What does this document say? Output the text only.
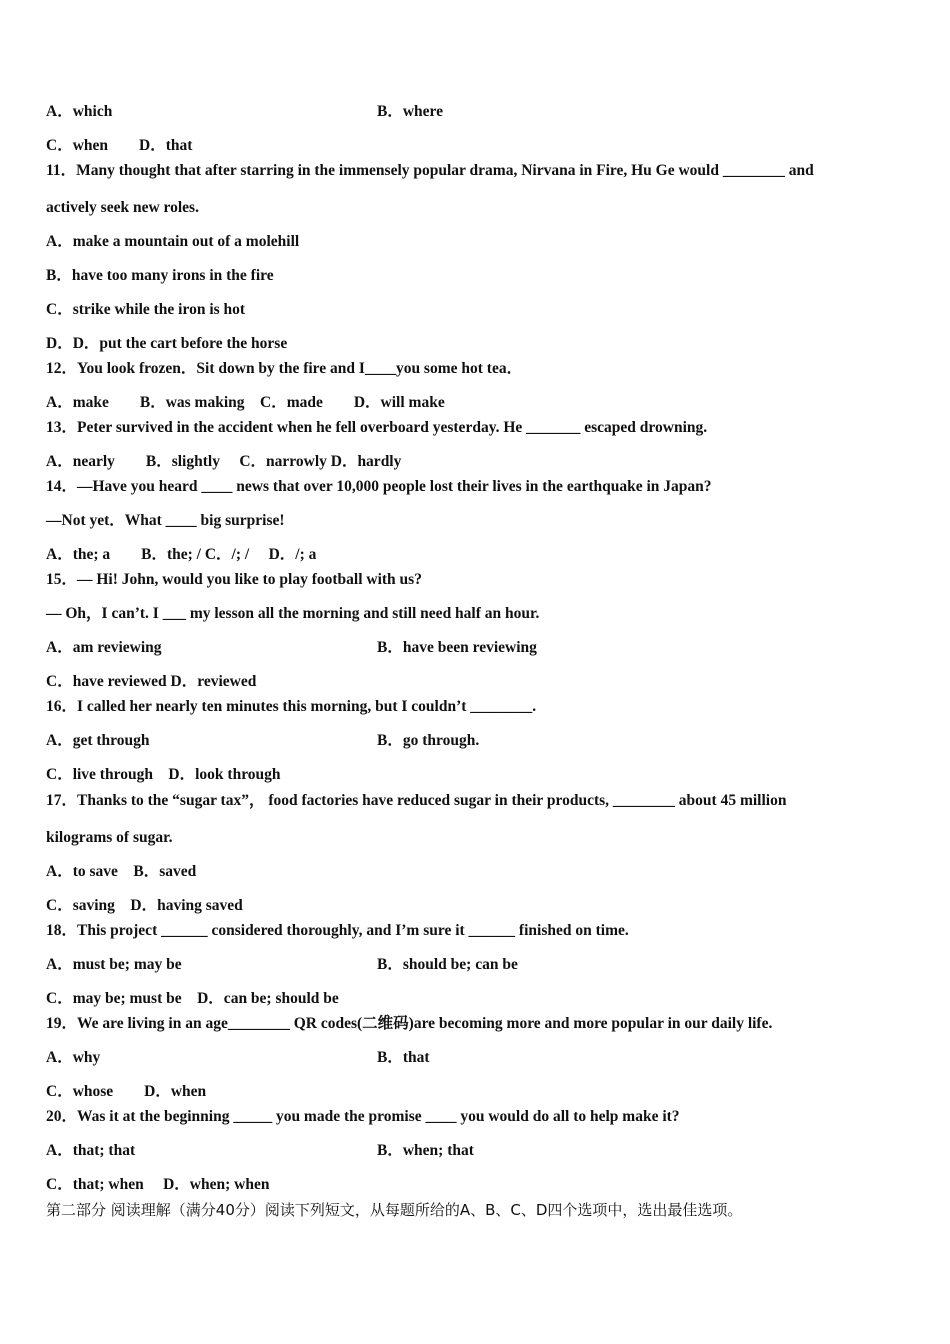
A．which	B．where
C．when　　D．that
11．Many thought that after starring in the immensely popular drama, Nirvana in Fire, Hu Ge would ________ and
actively seek new roles.
A．make a mountain out of a molehill
B．have too many irons in the fire
C．strike while the iron is hot
D．D．put the cart before the horse
12．You look frozen．Sit down by the fire and I____you some hot tea．
A．make　　B．was making　C．made　　D．will make
13．Peter survived in the accident when he fell overboard yesterday. He _______ escaped drowning.
A．nearly　　B．slightly　 C．narrowly D．hardly
14．—Have you heard ____ news that over 10,000 people lost their lives in the earthquake in Japan?
—Not yet．What ____ big surprise!
A．the; a　　B．the; / C．/; /　 D．/; a
15．— Hi! John, would you like to play football with us?
— Oh，I can’t. I ___ my lesson all the morning and still need half an hour.
A．am reviewing	B．have been reviewing
C．have reviewed D．reviewed
16．I called her nearly ten minutes this morning, but I couldn’t ________.
A．get through	B．go through.
C．live through　D．look through
17．Thanks to the “sugar tax”， food factories have reduced sugar in their products, ________ about 45 million
kilograms of sugar.
A．to save　B．saved
C．saving　D．having saved
18．This project ______ considered thoroughly, and I’m sure it ______ finished on time.
A．must be; may be	B．should be; can be
C．may be; must be　D．can be; should be
19．We are living in an age________ QR codes(二维码)are becoming more and more popular in our daily life.
A．why	B．that
C．whose　　D．when
20．Was it at the beginning _____ you made the promise ____ you would do all to help make it?
A．that; that	B．when; that
C．that; when　 D．when; when
第二部分 阅读理解（满分40分）阅读下列短文，从每题所给的A、B、C、D四个选项中，选出最佳选项。
